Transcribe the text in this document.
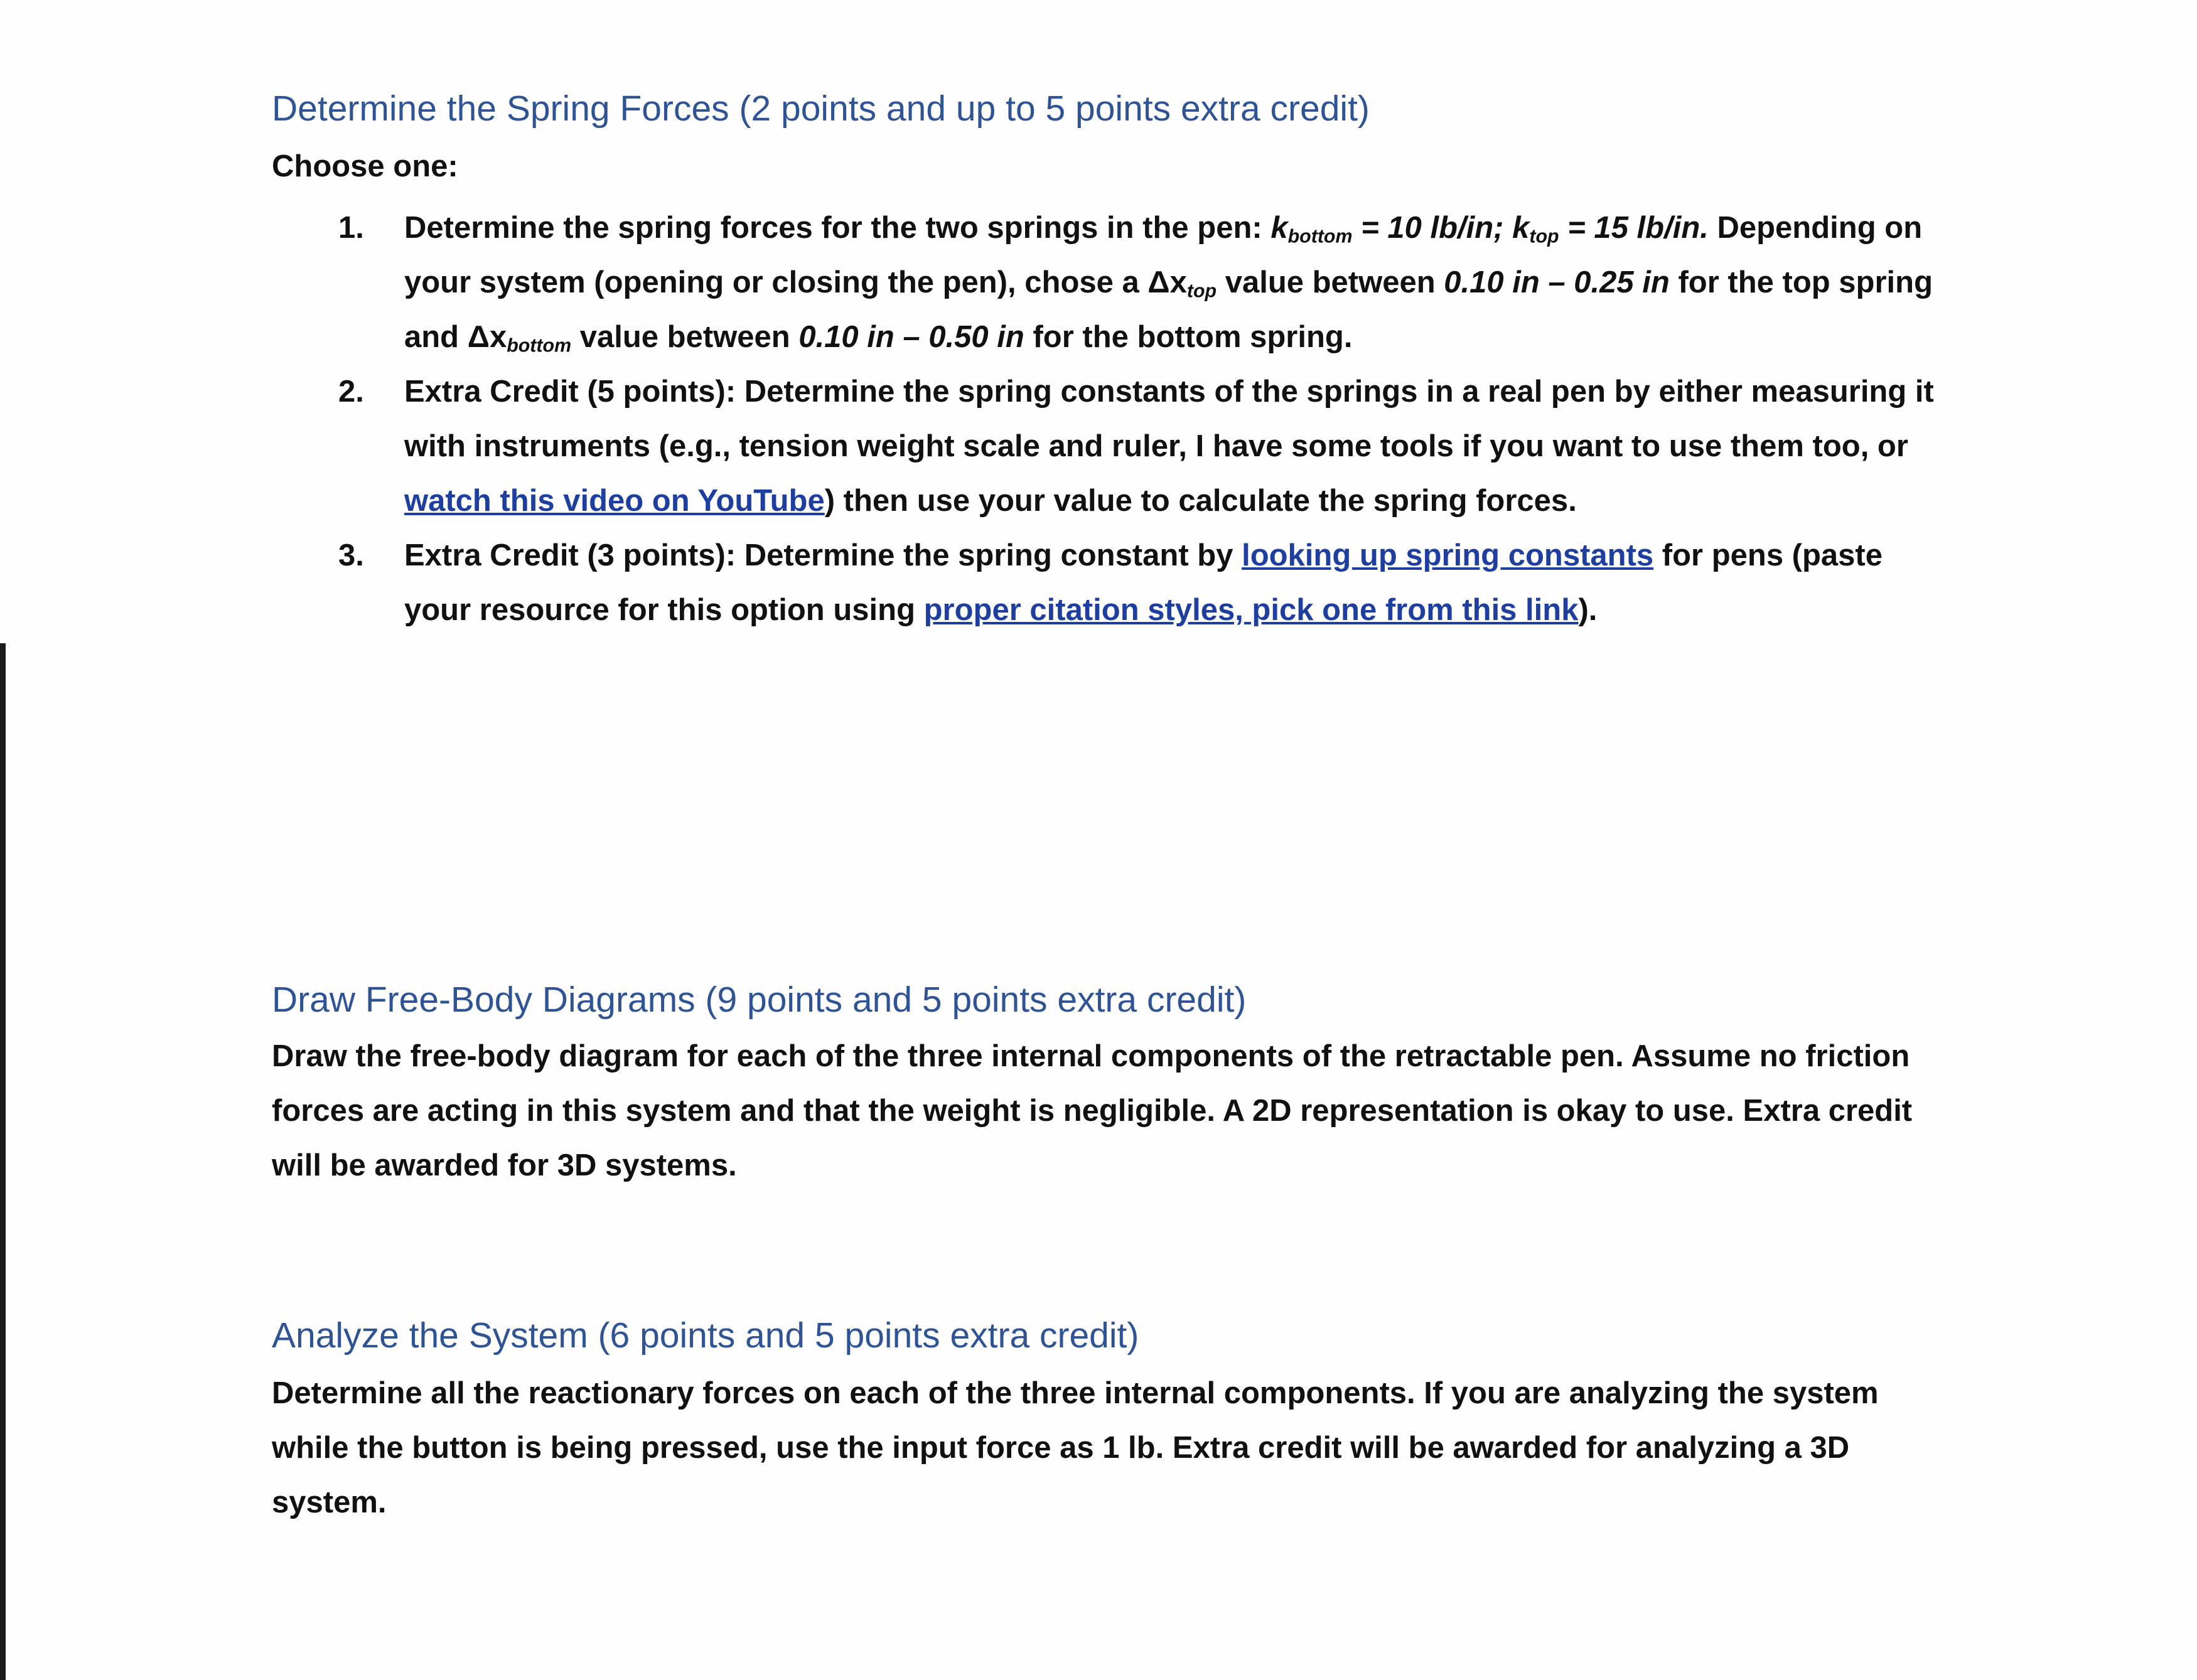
Determine the Spring Forces (2 points and up to 5 points extra credit)
Choose one:
1. Determine the spring forces for the two springs in the pen: $k_{bottom} = 10$ lb/in; $k_{top} = 15$ lb/in. Depending on your system (opening or closing the pen), chose a $\Delta x_{top}$ value between 0.10 in – 0.25 in for the top spring and $\Delta x_{bottom}$ value between 0.10 in – 0.50 in for the bottom spring.
2. Extra Credit (5 points): Determine the spring constants of the springs in a real pen by either measuring it with instruments (e.g., tension weight scale and ruler, I have some tools if you want to use them too, or watch this video on YouTube) then use your value to calculate the spring forces.
3. Extra Credit (3 points): Determine the spring constant by looking up spring constants for pens (paste your resource for this option using proper citation styles, pick one from this link).
Draw Free-Body Diagrams (9 points and 5 points extra credit)

Draw the free-body diagram for each of the three internal components of the retractable pen. Assume no friction forces are acting in this system and that the weight is negligible. A 2D representation is okay to use. Extra credit will be awarded for 3D systems.

Analyze the System (6 points and 5 points extra credit)

Determine all the reactionary forces on each of the three internal components. If you are analyzing the system while the button is being pressed, use the input force as 1 lb. Extra credit will be awarded for analyzing a 3D system.
